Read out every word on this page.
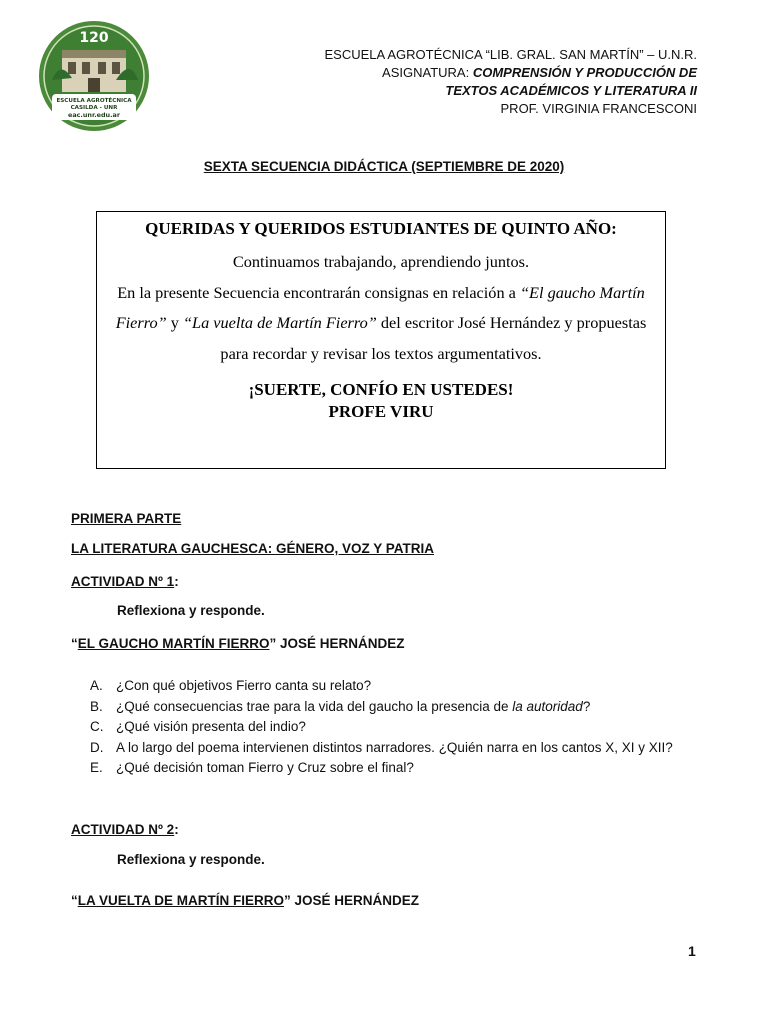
120
ESCUELA AGROTÉCNICA
CASILDA - UNR
eac.unr.edu.ar
ESCUELA AGROTÉCNICA “LIB. GRAL. SAN MARTÍN” – U.N.R.
ASIGNATURA: COMPRENSIÓN Y PRODUCCIÓN DE
TEXTOS ACADÉMICOS Y LITERATURA II
PROF. VIRGINIA FRANCESCONI
SEXTA SECUENCIA DIDÁCTICA (SEPTIEMBRE DE 2020)
QUERIDAS Y QUERIDOS ESTUDIANTES DE QUINTO AÑO:
Continuamos trabajando, aprendiendo juntos.
En la presente Secuencia encontrarán consignas en relación a “El gaucho Martín Fierro” y “La vuelta de Martín Fierro” del escritor José Hernández y propuestas para recordar y revisar los textos argumentativos.
¡SUERTE, CONFÍO EN USTEDES!
PROFE VIRU
PRIMERA PARTE
LA LITERATURA GAUCHESCA: GÉNERO, VOZ Y PATRIA
ACTIVIDAD Nº 1:
Reflexiona y responde.
“EL GAUCHO MARTÍN FIERRO” JOSÉ HERNÁNDEZ
A. ¿Con qué objetivos Fierro canta su relato?
B. ¿Qué consecuencias trae para la vida del gaucho la presencia de la autoridad?
C. ¿Qué visión presenta del indio?
D. A lo largo del poema intervienen distintos narradores. ¿Quién narra en los cantos X, XI y XII?
E. ¿Qué decisión toman Fierro y Cruz sobre el final?
ACTIVIDAD Nº 2:
Reflexiona y responde.
“LA VUELTA DE MARTÍN FIERRO” JOSÉ HERNÁNDEZ
1
